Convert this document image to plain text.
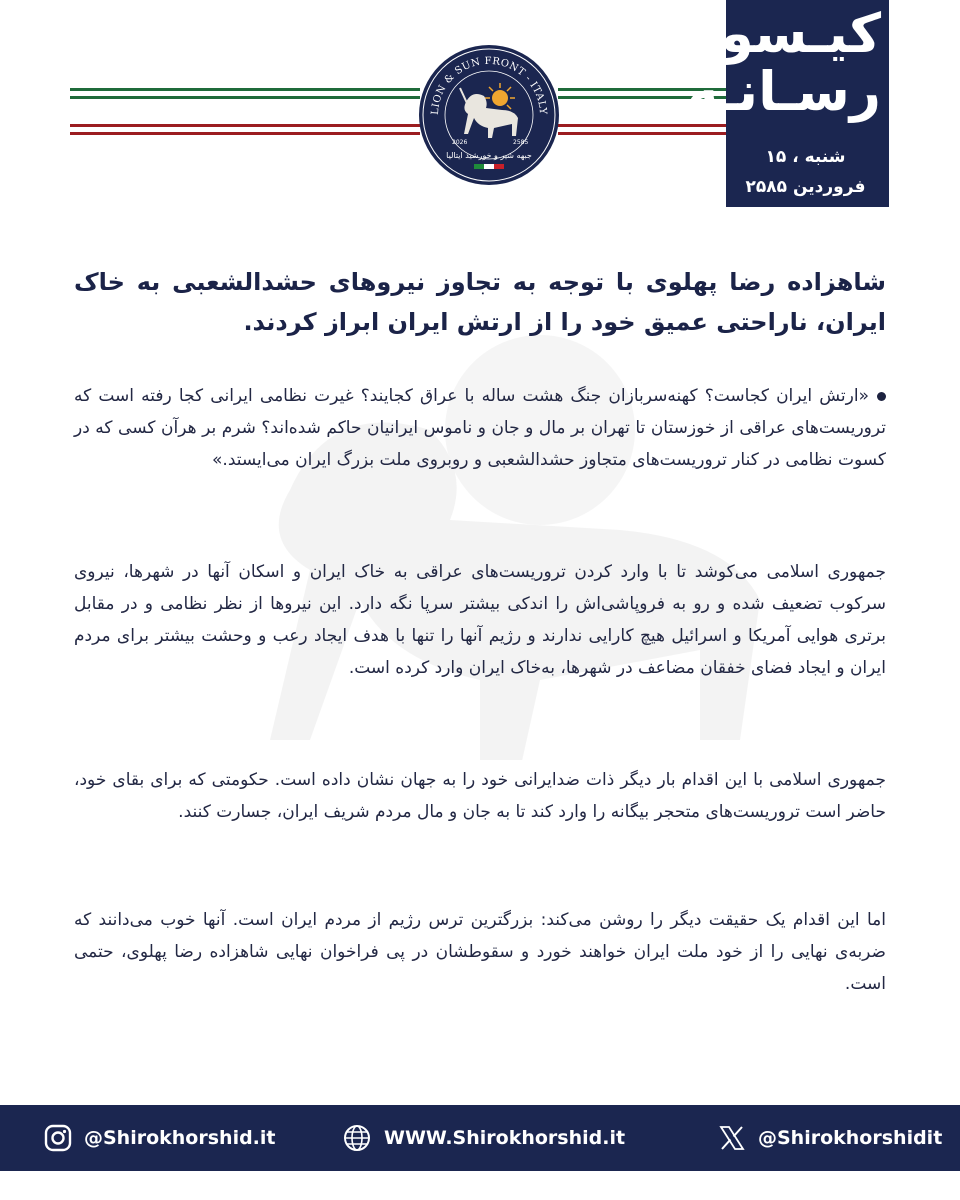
LION & SUN FRONT - ITALY
2026	2585
جبهه شیر و خورشید ایتالیا
کیـسول
رسـانـه
شنبه ، ۱۵ فروردین ۲۵۸۵
شاهزاده رضا پهلوی با توجه به تجاوز نیروهای حشدالشعبی به خاک ایران، ناراحتی عمیق خود را از ارتش ایران ابراز کردند.
«ارتش ایران کجاست؟ کهنه‌سربازان جنگ هشت ساله با عراق کجایند؟ غیرت نظامی ایرانی کجا رفته است که تروریست‌های عراقی از خوزستان تا تهران بر مال و جان و ناموس ایرانیان حاکم شده‌اند؟ شرم بر هرآن کسی که در کسوت نظامی در کنار تروریست‌های متجاوز حشدالشعبی و روبروی ملت بزرگ ایران می‌ایستد.»
جمهوری اسلامی می‌کوشد تا با وارد کردن تروریست‌های عراقی به خاک ایران و اسکان آنها در شهرها، نیروی سرکوب تضعیف شده و رو به فروپاشی‌اش را اندکی بیشتر سرپا نگه دارد. این نیروها از نظر نظامی و در مقابل برتری هوایی آمریکا و اسرائیل هیچ کارایی ندارند و رژیم آنها را تنها با هدف ایجاد رعب و وحشت بیشتر برای مردم ایران و ایجاد فضای خفقان مضاعف در شهرها، به‌خاک ایران وارد کرده است.
جمهوری اسلامی با این اقدام بار دیگر ذات ضدایرانی خود را به جهان نشان داده است. حکومتی که برای بقای خود، حاضر است تروریست‌های متحجر بیگانه را وارد کند تا به جان و مال مردم شریف ایران، جسارت کنند.
اما این اقدام یک حقیقت دیگر را روشن می‌کند: بزرگترین ترس رژیم از مردم ایران است. آنها خوب می‌دانند که ضربه‌ی نهایی را از خود ملت ایران خواهند خورد و سقوطشان در پی فراخوان نهایی شاهزاده رضا پهلوی، حتمی است.
@Shirokhorshid.it	WWW.Shirokhorshid.it	@Shirokhorshidit
